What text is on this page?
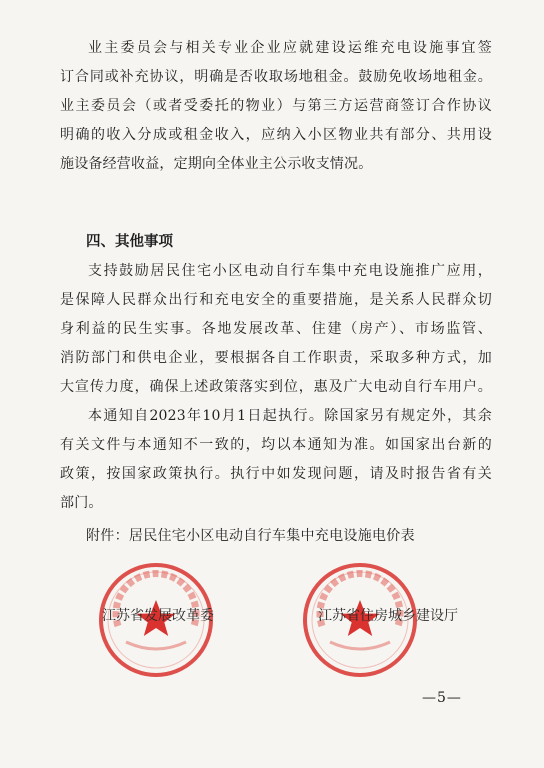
业主委员会与相关专业企业应就建设运维充电设施事宜签
订合同或补充协议，明确是否收取场地租金。鼓励免收场地租金。
业主委员会（或者受委托的物业）与第三方运营商签订合作协议
明确的收入分成或租金收入，应纳入小区物业共有部分、共用设
施设备经营收益，定期向全体业主公示收支情况。
四、其他事项
支持鼓励居民住宅小区电动自行车集中充电设施推广应用，
是保障人民群众出行和充电安全的重要措施，是关系人民群众切
身利益的民生实事。各地发展改革、住建（房产）、市场监管、
消防部门和供电企业，要根据各自工作职责，采取多种方式，加
大宣传力度，确保上述政策落实到位，惠及广大电动自行车用户。
本通知自2023年10月1日起执行。除国家另有规定外，其余
有关文件与本通知不一致的，均以本通知为准。如国家出台新的
政策，按国家政策执行。执行中如发现问题，请及时报告省有关
部门。
附件：居民住宅小区电动自行车集中充电设施电价表
江苏省发展改革委	江苏省住房城乡建设厅
—5—
